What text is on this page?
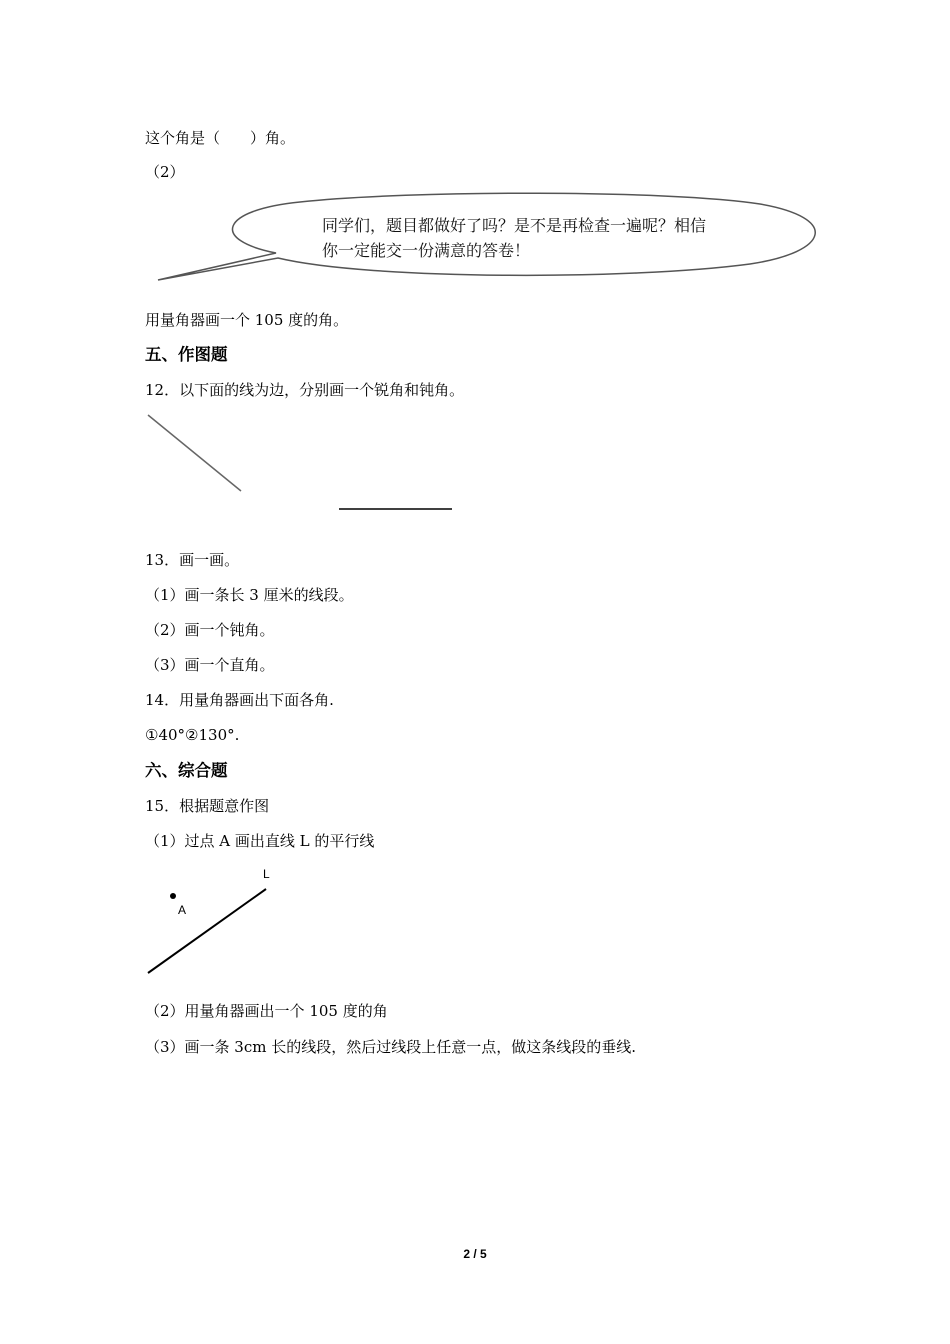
这个角是（　　）角。
（2）
同学们，题目都做好了吗？是不是再检查一遍呢？相信
你一定能交一份满意的答卷！
用量角器画一个 105 度的角。
五、作图题
12．以下面的线为边，分别画一个锐角和钝角。
13．画一画。
（1）画一条长 3 厘米的线段。
（2）画一个钝角。
（3）画一个直角。
14．用量角器画出下面各角.
①40°②130°.
六、综合题
15．根据题意作图
（1）过点 A 画出直线 L 的平行线
A
L
（2）用量角器画出一个 105 度的角
（3）画一条 3cm 长的线段，然后过线段上任意一点，做这条线段的垂线.
2 / 5
